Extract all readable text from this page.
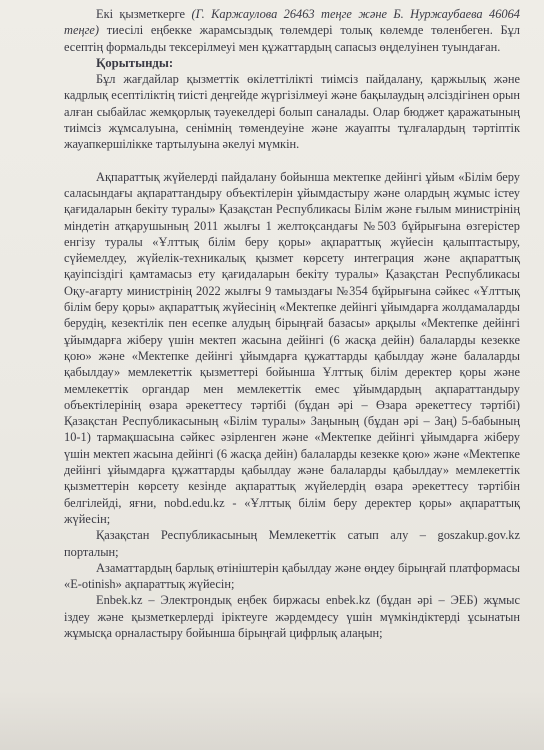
Екі қызметкерге (Г. Каржаулова 26463 теңге және Б. Нуржаубаева 46064 теңге) тиесілі еңбекке жарамсыздық төлемдері толық көлемде төленбеген. Бұл есептің формальды тексерілмеуі мен құжаттардың сапасыз өңделуінен туындаған.

Қорытынды:

Бұл жағдайлар қызметтік өкілеттілікті тиімсіз пайдалану, қаржылық және кадрлық есептіліктің тиісті деңгейде жүргізілмеуі және бақылаудың әлсіздігінен орын алған сыбайлас жемқорлық тәуекелдері болып саналады. Олар бюджет қаражатының тиімсіз жұмсалуына, сенімнің төмендеуіне және жауапты тұлғалардың тәртіптік жауапкершілікке тартылуына әкелуі мүмкін.

Ақпараттық жүйелерді пайдалану бойынша мектепке дейінгі ұйым «Білім беру саласындағы ақпараттандыру объектілерін ұйымдастыру және олардың жұмыс істеу қағидаларын бекіту туралы» Қазақстан Республикасы Білім және ғылым министрінің міндетін атқарушының 2011 жылғы 1 желтоқсандағы №503 бұйрығына өзгерістер енгізу туралы «Ұлттық білім беру қоры» ақпараттық жүйесін қалыптастыру, сүйемелдеу, жүйелік-техникалық қызмет көрсету интеграция және ақпараттық қауіпсіздігі қамтамасыз ету қағидаларын бекіту туралы» Қазақстан Республикасы Оқу-ағарту министрінің 2022 жылғы 9 тамыздағы №354 бұйрығына сәйкес «Ұлттық білім беру қоры» ақпараттық жүйесінің «Мектепке дейінгі ұйымдарға жолдамаларды берудің, кезектілік пен есепке алудың бірыңғай базасы» арқылы «Мектепке дейінгі ұйымдарға жіберу үшін мектеп жасына дейінгі (6 жасқа дейін) балаларды кезекке қою» және «Мектепке дейінгі ұйымдарға құжаттарды қабылдау және балаларды қабылдау» мемлекеттік қызметтері бойынша Ұлттық білім деректер қоры және мемлекеттік органдар мен мемлекеттік емес ұйымдардың ақпараттандыру объектілерінің өзара әрекеттесу тәртібі (бұдан әрі – Өзара әрекеттесу тәртібі) Қазақстан Республикасының «Білім туралы» Заңының (бұдан әрі – Заң) 5-бабының 10-1) тармақшасына сәйкес әзірленген және «Мектепке дейінгі ұйымдарға жіберу үшін мектеп жасына дейінгі (6 жасқа дейін) балаларды кезекке қою» және «Мектепке дейінгі ұйымдарға құжаттарды қабылдау және балаларды қабылдау» мемлекеттік қызметтерін көрсету кезінде ақпараттық жүйелердің өзара әрекеттесу тәртібін белгілейді, яғни, nobd.edu.kz - «Ұлттық білім беру деректер қоры» ақпараттық жүйесін;

Қазақстан Республикасының Мемлекеттік сатып алу – goszakup.gov.kz порталын;

Азаматтардың барлық өтініштерін қабылдау және өңдеу бірыңғай платформасы «E-otinish» ақпараттық жүйесін;

Enbek.kz – Электрондық еңбек биржасы enbek.kz (бұдан әрі – ЭЕБ) жұмыс іздеу және қызметкерлерді іріктеуге жәрдемдесу үшін мүмкіндіктерді ұсынатын жұмысқа орналастыру бойынша бірыңғай цифрлық алаңын;
